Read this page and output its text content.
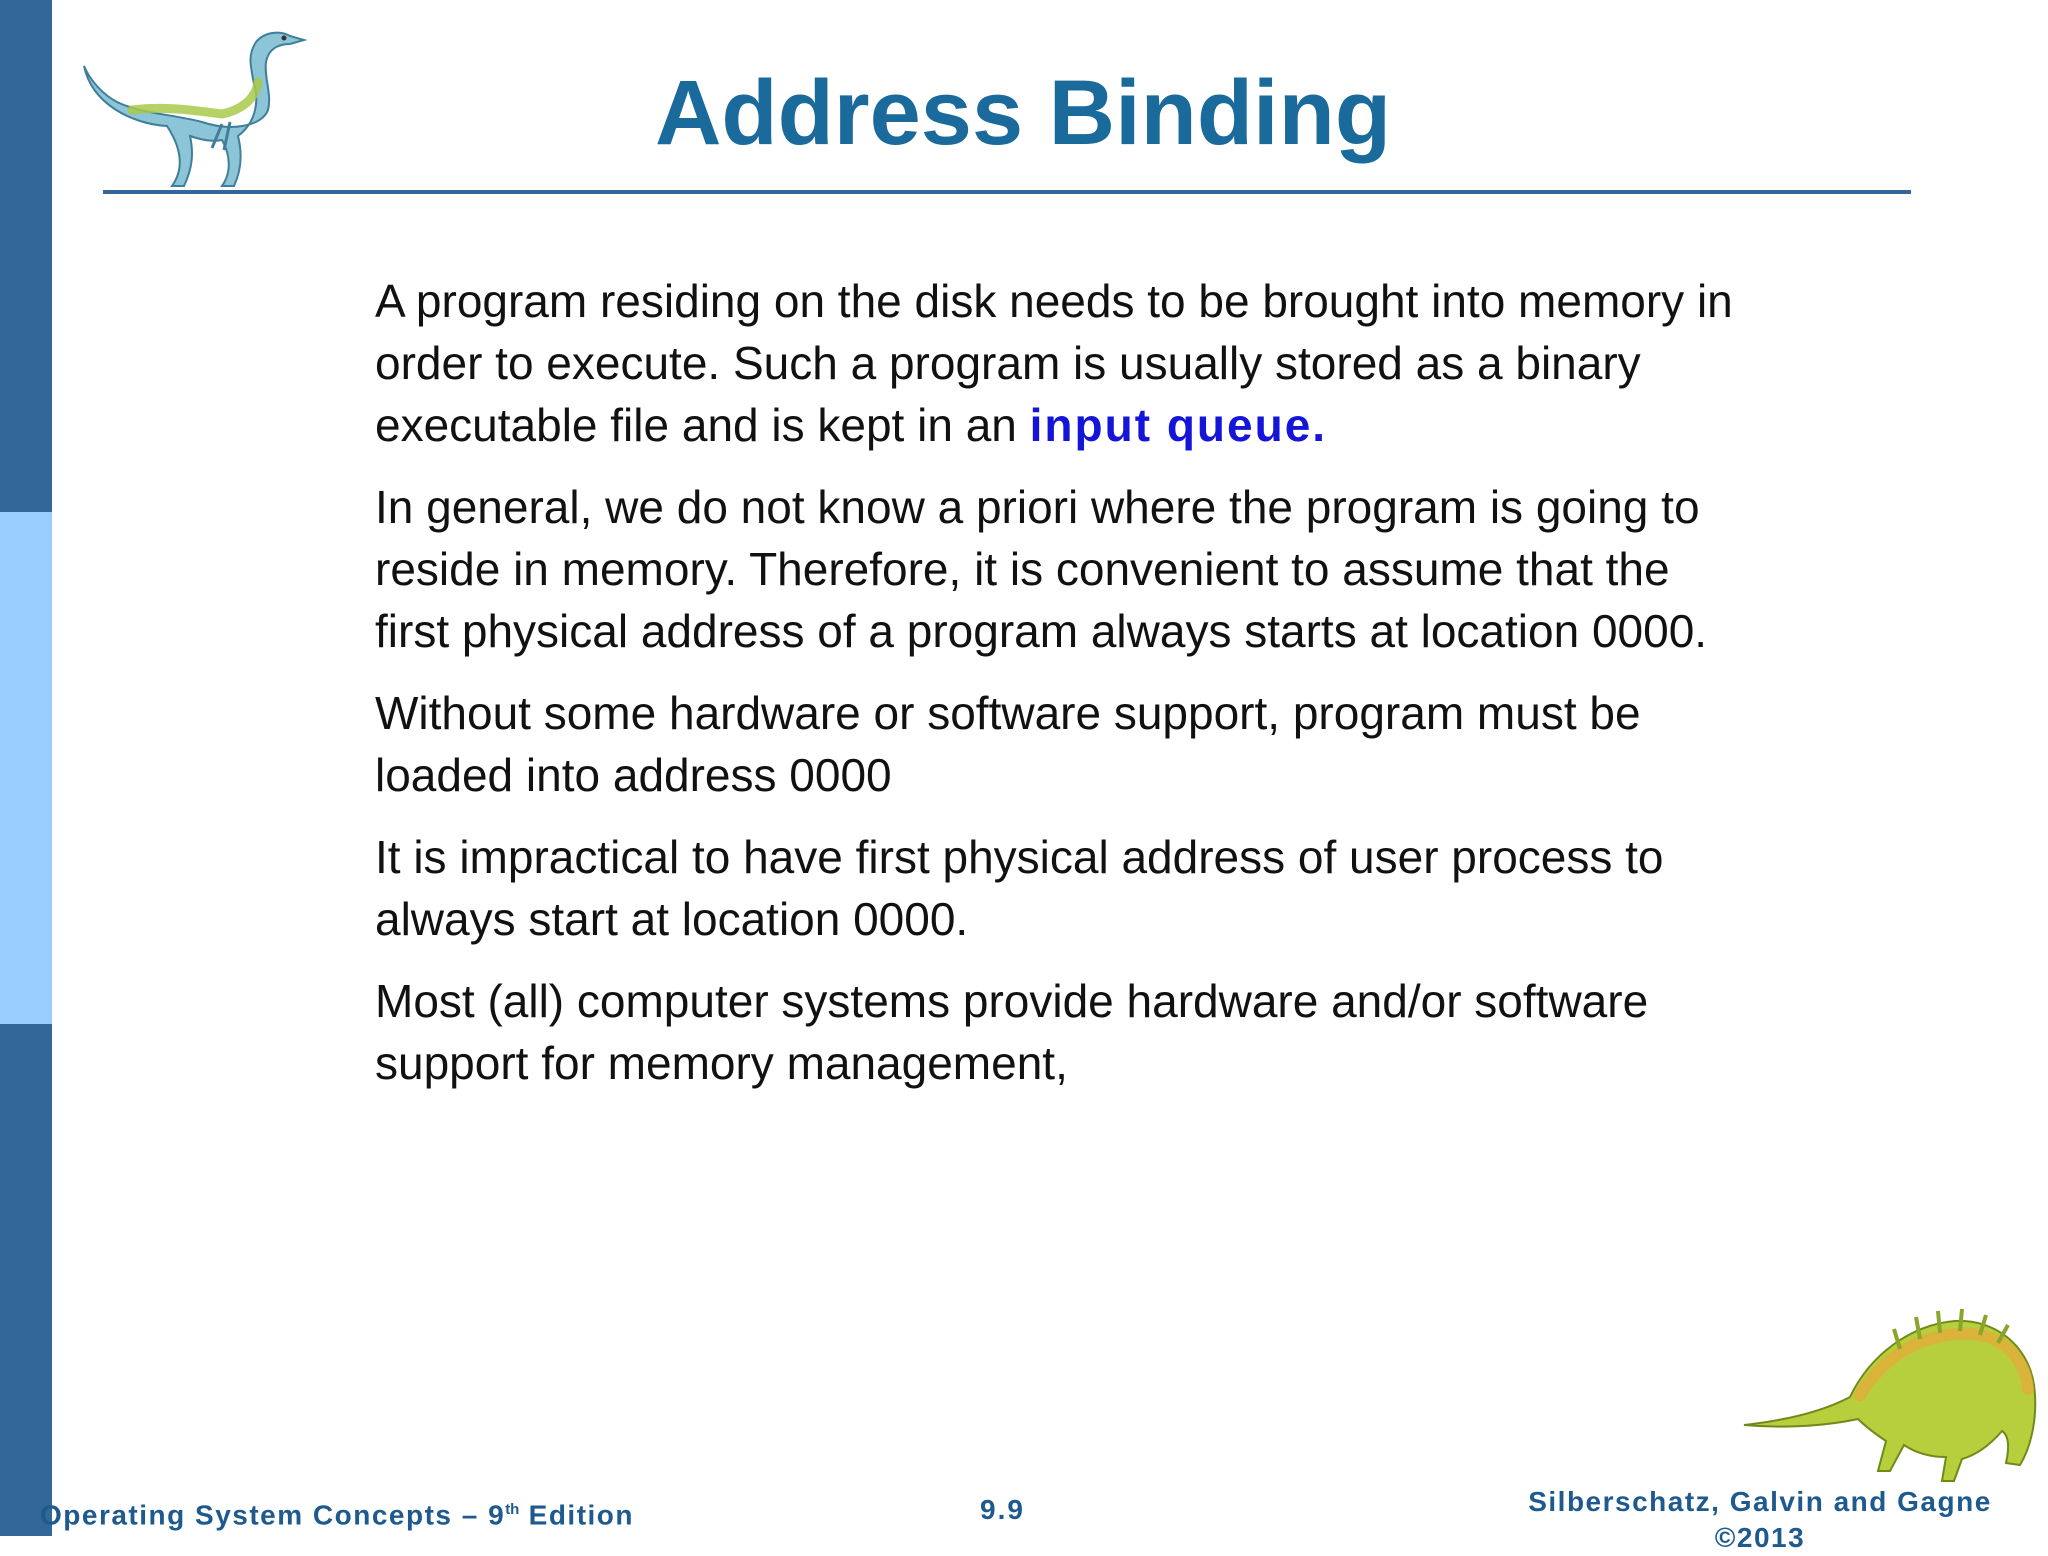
Address Binding

A program residing on the disk needs to be brought into memory in order to execute. Such a program is usually stored as a binary executable file and is kept in an input queue.

In general, we do not know a priori where the program is going to reside in memory. Therefore, it is convenient to assume that the first physical address of a program always starts at location 0000.

Without some hardware or software support, program must be loaded into address 0000

It is impractical to have first physical address of user process to always start at location 0000.

Most (all) computer systems provide hardware and/or software support for memory management,

Operating System Concepts – 9th Edition	9.9	Silberschatz, Galvin and Gagne ©2013
